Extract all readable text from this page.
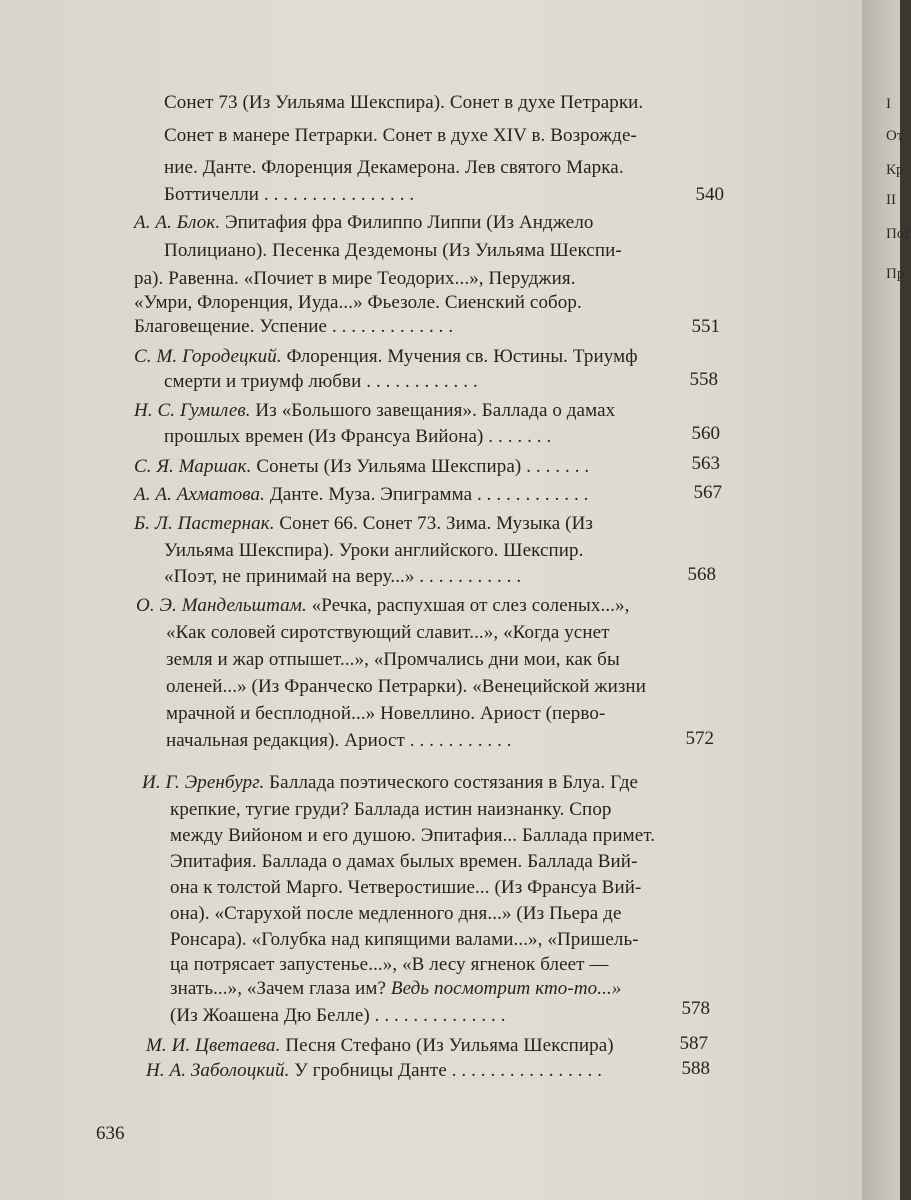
I
От
Кр
II
Пос
Пр
Сонет 73 (Из Уильяма Шекспира). Сонет в духе Петрарки.
Сонет в манере Петрарки. Сонет в духе XIV в. Возрожде-
ние. Данте. Флоренция Декамерона. Лев святого Марка.
Боттичелли . . . . . . . . . . . . . . . .	540
А. А. Блок. Эпитафия фра Филиппо Липпи (Из Анджело
Полициано). Песенка Дездемоны (Из Уильяма Шекспи-
ра). Равенна. «Почиет в мире Теодорих...», Перуджия.
«Умри, Флоренция, Иуда...» Фьезоле. Сиенский собор.
Благовещение. Успение . . . . . . . . . . . . .	551
С. М. Городецкий. Флоренция. Мучения св. Юстины. Триумф
смерти и триумф любви . . . . . . . . . . . .	558
Н. С. Гумилев. Из «Большого завещания». Баллада о дамах
прошлых времен (Из Франсуа Вийона) . . . . . . .	560
С. Я. Маршак. Сонеты (Из Уильяма Шекспира) . . . . . . .	563
А. А. Ахматова. Данте. Муза. Эпиграмма . . . . . . . . . . . .	567
Б. Л. Пастернак. Сонет 66. Сонет 73. Зима. Музыка (Из
Уильяма Шекспира). Уроки английского. Шекспир.
«Поэт, не принимай на веру...» . . . . . . . . . . .	568
О. Э. Мандельштам. «Речка, распухшая от слез соленых...»,
«Как соловей сиротствующий славит...», «Когда уснет
земля и жар отпышет...», «Промчались дни мои, как бы
оленей...» (Из Франческо Петрарки). «Венецийской жизни
мрачной и бесплодной...» Новеллино. Ариост (перво-
начальная редакция). Ариост . . . . . . . . . . .	572
И. Г. Эренбург. Баллада поэтического состязания в Блуа. Где
крепкие, тугие груди? Баллада истин наизнанку. Спор
между Вийоном и его душою. Эпитафия... Баллада примет.
Эпитафия. Баллада о дамах былых времен. Баллада Вий-
она к толстой Марго. Четверостишие... (Из Франсуа Вий-
она). «Старухой после медленного дня...» (Из Пьера де
Ронсара). «Голубка над кипящими валами...», «Пришель-
ца потрясает запустенье...», «В лесу ягненок блеет —
знать...», «Зачем глаза им? Ведь посмотрит кто-то...»
(Из Жоашена Дю Белле) . . . . . . . . . . . . . .	578
М. И. Цветаева. Песня Стефано (Из Уильяма Шекспира)	587
Н. А. Заболоцкий. У гробницы Данте . . . . . . . . . . . . . . . .	588
636
